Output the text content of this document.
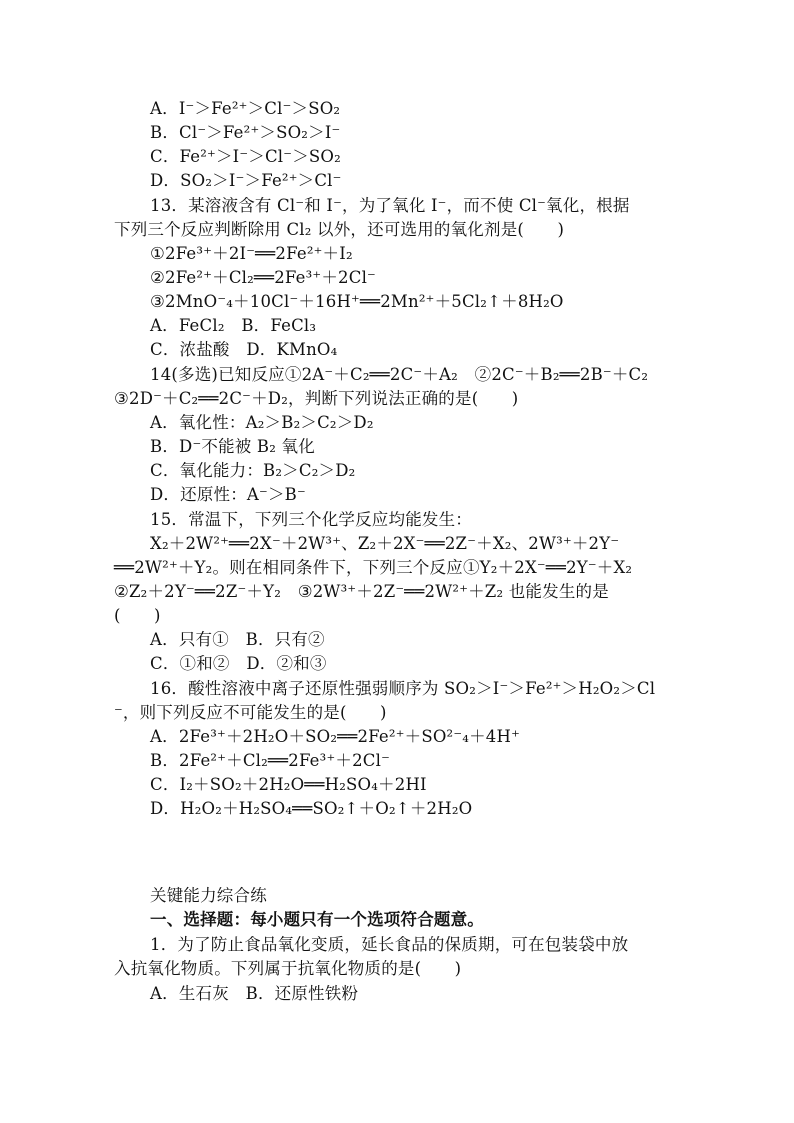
A．I⁻＞Fe²⁺＞Cl⁻＞SO₂
B．Cl⁻＞Fe²⁺＞SO₂＞I⁻
C．Fe²⁺＞I⁻＞Cl⁻＞SO₂
D．SO₂＞I⁻＞Fe²⁺＞Cl⁻
13．某溶液含有 Cl⁻和 I⁻，为了氧化 I⁻，而不使 Cl⁻氧化，根据
下列三个反应判断除用 Cl₂ 以外，还可选用的氧化剂是(　　)
①2Fe³⁺＋2I⁻══2Fe²⁺＋I₂
②2Fe²⁺＋Cl₂══2Fe³⁺＋2Cl⁻
③2MnO⁻₄＋10Cl⁻＋16H⁺══2Mn²⁺＋5Cl₂↑＋8H₂O
A．FeCl₂　B．FeCl₃
C．浓盐酸　D．KMnO₄
14(多选)已知反应①2A⁻＋C₂══2C⁻＋A₂　②2C⁻＋B₂══2B⁻＋C₂
③2D⁻＋C₂══2C⁻＋D₂，判断下列说法正确的是(　　)
A．氧化性：A₂＞B₂＞C₂＞D₂
B．D⁻不能被 B₂ 氧化
C．氧化能力：B₂＞C₂＞D₂
D．还原性：A⁻＞B⁻
15．常温下，下列三个化学反应均能发生：
X₂＋2W²⁺══2X⁻＋2W³⁺、Z₂＋2X⁻══2Z⁻＋X₂、2W³⁺＋2Y⁻
══2W²⁺＋Y₂。则在相同条件下，下列三个反应①Y₂＋2X⁻══2Y⁻＋X₂
②Z₂＋2Y⁻══2Z⁻＋Y₂　③2W³⁺＋2Z⁻══2W²⁺＋Z₂ 也能发生的是
(　　)
A．只有①　B．只有②
C．①和②　D．②和③
16．酸性溶液中离子还原性强弱顺序为 SO₂＞I⁻＞Fe²⁺＞H₂O₂＞Cl
⁻，则下列反应不可能发生的是(　　)
A．2Fe³⁺＋2H₂O＋SO₂══2Fe²⁺＋SO²⁻₄＋4H⁺
B．2Fe²⁺＋Cl₂══2Fe³⁺＋2Cl⁻
C．I₂＋SO₂＋2H₂O══H₂SO₄＋2HI
D．H₂O₂＋H₂SO₄══SO₂↑＋O₂↑＋2H₂O
关键能力综合练
一、选择题：每小题只有一个选项符合题意。
1．为了防止食品氧化变质，延长食品的保质期，可在包装袋中放
入抗氧化物质。下列属于抗氧化物质的是(　　)
A．生石灰　B．还原性铁粉
